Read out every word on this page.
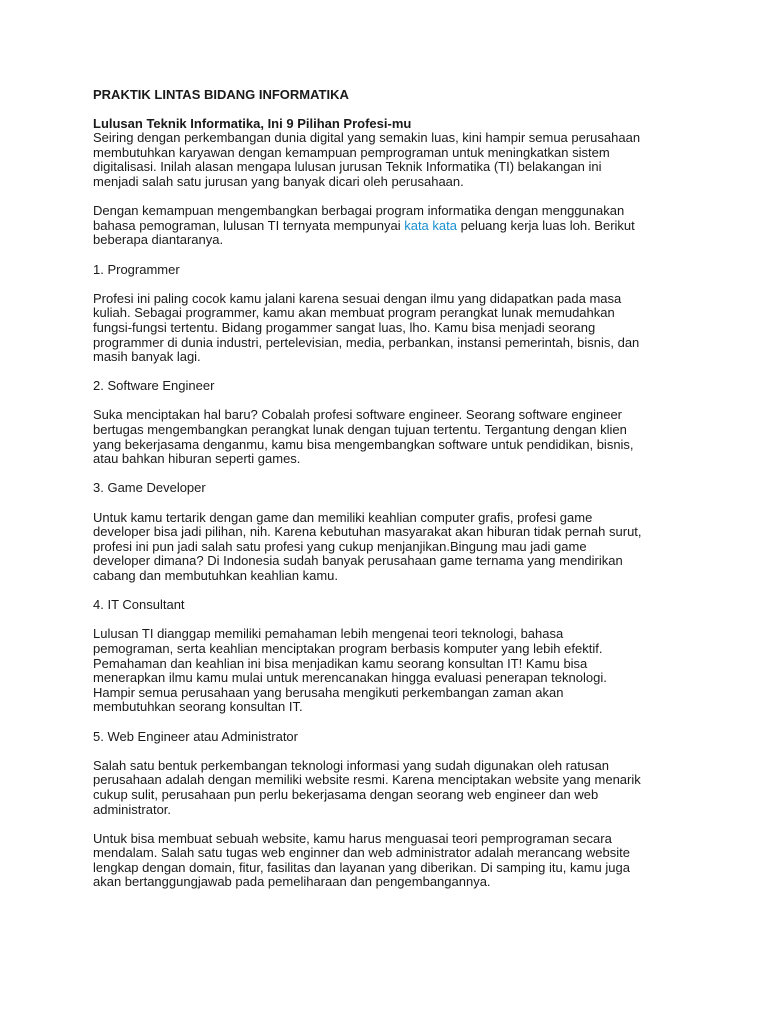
PRAKTIK LINTAS BIDANG INFORMATIKA
Lulusan Teknik Informatika, Ini 9 Pilihan Profesi-mu

Seiring dengan perkembangan dunia digital yang semakin luas, kini hampir semua perusahaan
membutuhkan karyawan dengan kemampuan pemprograman untuk meningkatkan sistem
digitalisasi. Inilah alasan mengapa lulusan jurusan Teknik Informatika (TI) belakangan ini
menjadi salah satu jurusan yang banyak dicari oleh perusahaan.

Dengan kemampuan mengembangkan berbagai program informatika dengan menggunakan
bahasa pemograman, lulusan TI ternyata mempunyai kata kata peluang kerja luas loh. Berikut
beberapa diantaranya.

1. Programmer

Profesi ini paling cocok kamu jalani karena sesuai dengan ilmu yang didapatkan pada masa
kuliah. Sebagai programmer, kamu akan membuat program perangkat lunak memudahkan
fungsi-fungsi tertentu. Bidang progammer sangat luas, lho. Kamu bisa menjadi seorang
programmer di dunia industri, pertelevisian, media, perbankan, instansi pemerintah, bisnis, dan
masih banyak lagi.

2. Software Engineer

Suka menciptakan hal baru? Cobalah profesi software engineer. Seorang software engineer
bertugas mengembangkan perangkat lunak dengan tujuan tertentu. Tergantung dengan klien
yang bekerjasama denganmu, kamu bisa mengembangkan software untuk pendidikan, bisnis,
atau bahkan hiburan seperti games.

3. Game Developer

Untuk kamu tertarik dengan game dan memiliki keahlian computer grafis, profesi game
developer bisa jadi pilihan, nih. Karena kebutuhan masyarakat akan hiburan tidak pernah surut,
profesi ini pun jadi salah satu profesi yang cukup menjanjikan.Bingung mau jadi game
developer dimana? Di Indonesia sudah banyak perusahaan game ternama yang mendirikan
cabang dan membutuhkan keahlian kamu.

4. IT Consultant

Lulusan TI dianggap memiliki pemahaman lebih mengenai teori teknologi, bahasa
pemograman, serta keahlian menciptakan program berbasis komputer yang lebih efektif.
Pemahaman dan keahlian ini bisa menjadikan kamu seorang konsultan IT! Kamu bisa
menerapkan ilmu kamu mulai untuk merencanakan hingga evaluasi penerapan teknologi.
Hampir semua perusahaan yang berusaha mengikuti perkembangan zaman akan
membutuhkan seorang konsultan IT.

5. Web Engineer atau Administrator

Salah satu bentuk perkembangan teknologi informasi yang sudah digunakan oleh ratusan
perusahaan adalah dengan memiliki website resmi. Karena menciptakan website yang menarik
cukup sulit, perusahaan pun perlu bekerjasama dengan seorang web engineer dan web
administrator.

Untuk bisa membuat sebuah website, kamu harus menguasai teori pemprograman secara
mendalam. Salah satu tugas web enginner dan web administrator adalah merancang website
lengkap dengan domain, fitur, fasilitas dan layanan yang diberikan. Di samping itu, kamu juga
akan bertanggungjawab pada pemeliharaan dan pengembangannya.
